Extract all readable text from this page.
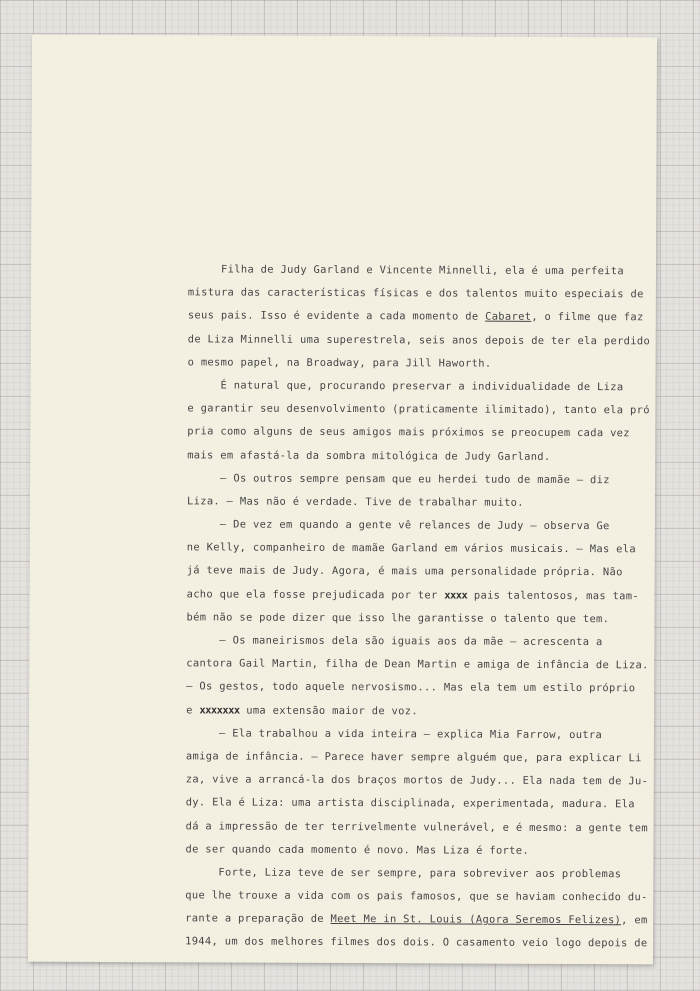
Filha de Judy Garland e Vincente Minnelli, ela é uma perfeita
mistura das características físicas e dos talentos muito especiais de
seus pais. Isso é evidente a cada momento de Cabaret, o filme que faz
de Liza Minnelli uma superestrela, seis anos depois de ter ela perdido
o mesmo papel, na Broadway, para Jill Haworth.
É natural que, procurando preservar a individualidade de Liza
e garantir seu desenvolvimento (praticamente ilimitado), tanto ela pró
pria como alguns de seus amigos mais próximos se preocupem cada vez
mais em afastá-la da sombra mitológica de Judy Garland.
— Os outros sempre pensam que eu herdei tudo de mamãe — diz
Liza. — Mas não é verdade. Tive de trabalhar muito.
— De vez em quando a gente vê relances de Judy — observa Ge
ne Kelly, companheiro de mamãe Garland em vários musicais. — Mas ela
já teve mais de Judy. Agora, é mais uma personalidade própria. Não
acho que ela fosse prejudicada por ter xxxx pais talentosos, mas tam-
bém não se pode dizer que isso lhe garantisse o talento que tem.
— Os maneirismos dela são iguais aos da mãe — acrescenta a
cantora Gail Martin, filha de Dean Martin e amiga de infância de Liza.
— Os gestos, todo aquele nervosismo... Mas ela tem um estilo próprio
e xxxxxxx uma extensão maior de voz.
— Ela trabalhou a vida inteira — explica Mia Farrow, outra
amiga de infância. — Parece haver sempre alguém que, para explicar Li
za, vive a arrancá-la dos braços mortos de Judy... Ela nada tem de Ju-
dy. Ela é Liza: uma artista disciplinada, experimentada, madura. Ela
dá a impressão de ter terrivelmente vulnerável, e é mesmo: a gente tem
de ser quando cada momento é novo. Mas Liza é forte.
Forte, Liza teve de ser sempre, para sobreviver aos problemas
que lhe trouxe a vida com os pais famosos, que se haviam conhecido du-
rante a preparação de Meet Me in St. Louis (Agora Seremos Felizes), em
1944, um dos melhores filmes dos dois. O casamento veio logo depois de
